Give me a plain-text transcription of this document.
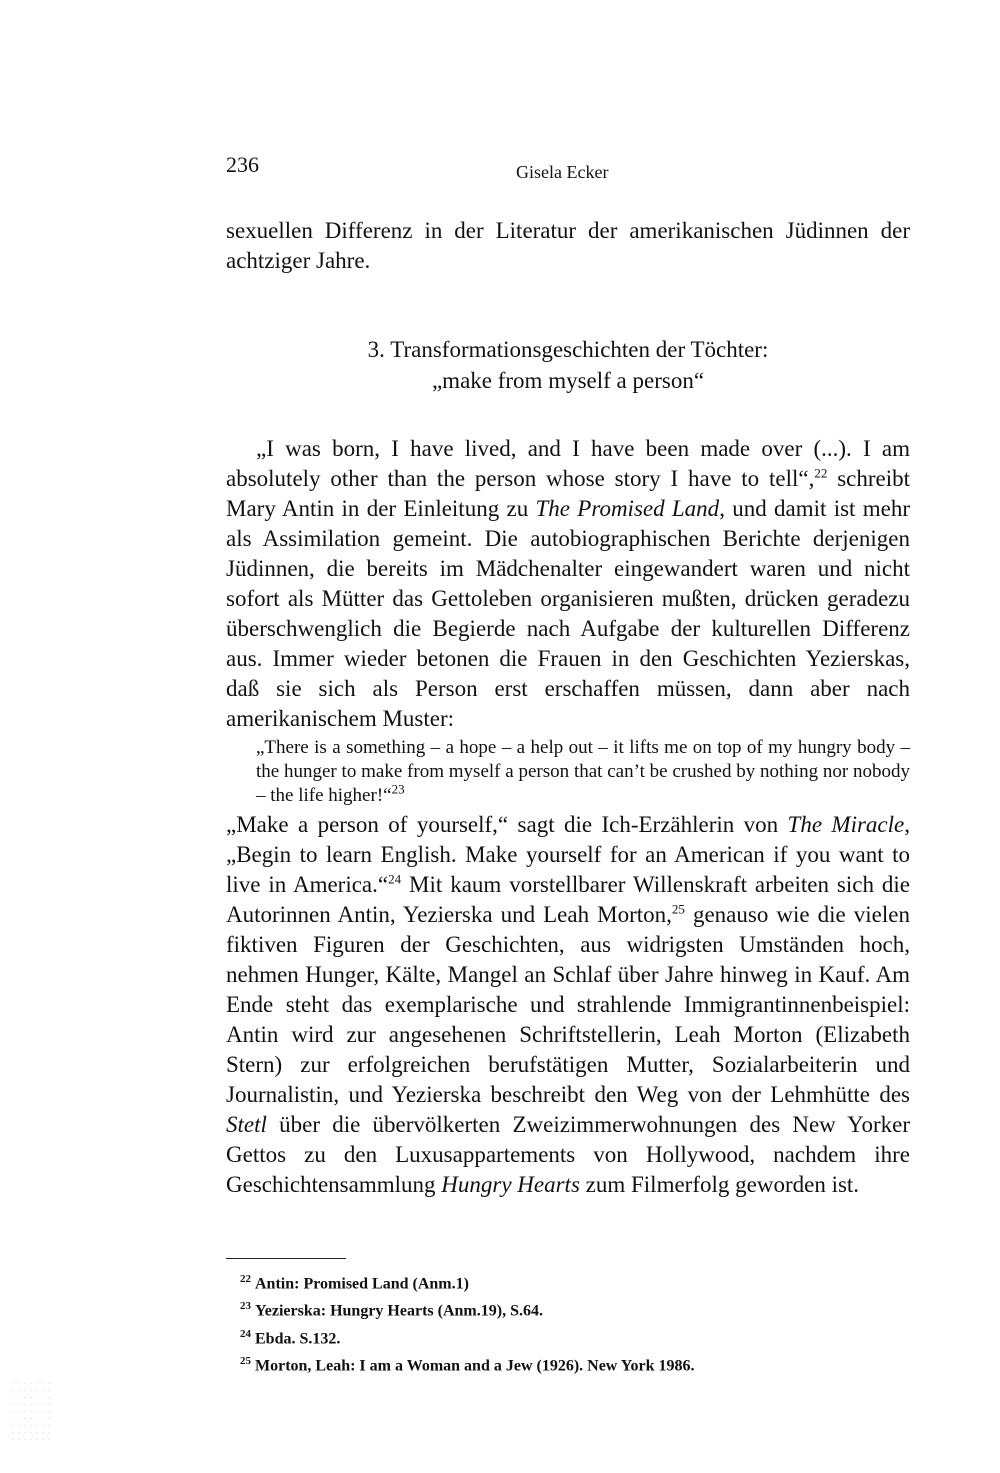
236	Gisela Ecker

sexuellen Differenz in der Literatur der amerikanischen Jüdinnen der achtziger Jahre.

3. Transformationsgeschichten der Töchter:
„make from myself a person“

„I was born, I have lived, and I have been made over (...). I am absolutely other than the person whose story I have to tell“,$^{22}$ schreibt Mary Antin in der Einleitung zu The Promised Land, und damit ist mehr als Assimilation gemeint. Die autobiographischen Berichte derjenigen Jüdinnen, die bereits im Mädchenalter eingewandert waren und nicht sofort als Mütter das Gettoleben organisieren mußten, drücken geradezu überschwenglich die Begierde nach Aufgabe der kulturellen Differenz aus. Immer wieder betonen die Frauen in den Geschichten Yezierskas, daß sie sich als Person erst erschaffen müssen, dann aber nach amerikanischem Muster:

„There is a something – a hope – a help out – it lifts me on top of my hungry body – the hunger to make from myself a person that can’t be crushed by nothing nor nobody – the life higher!“$^{23}$

„Make a person of yourself,“ sagt die Ich-Erzählerin von The Miracle, „Begin to learn English. Make yourself for an American if you want to live in America.“$^{24}$ Mit kaum vorstellbarer Willenskraft arbeiten sich die Autorinnen Antin, Yezierska und Leah Morton,$^{25}$ genauso wie die vielen fiktiven Figuren der Geschichten, aus widrigsten Umständen hoch, nehmen Hunger, Kälte, Mangel an Schlaf über Jahre hinweg in Kauf. Am Ende steht das exemplarische und strahlende Immigrantinnenbeispiel: Antin wird zur angesehenen Schriftstellerin, Leah Morton (Elizabeth Stern) zur erfolgreichen berufstätigen Mutter, Sozialarbeiterin und Journalistin, und Yezierska beschreibt den Weg von der Lehmhütte des Stetl über die übervölkerten Zweizimmerwohnungen des New Yorker Gettos zu den Luxusappartements von Hollywood, nachdem ihre Geschichtensammlung Hungry Hearts zum Filmerfolg geworden ist.

$^{22}$ Antin: Promised Land (Anm.1)
$^{23}$ Yezierska: Hungry Hearts (Anm.19), S.64.
$^{24}$ Ebda. S.132.
$^{25}$ Morton, Leah: I am a Woman and a Jew (1926). New York 1986.
